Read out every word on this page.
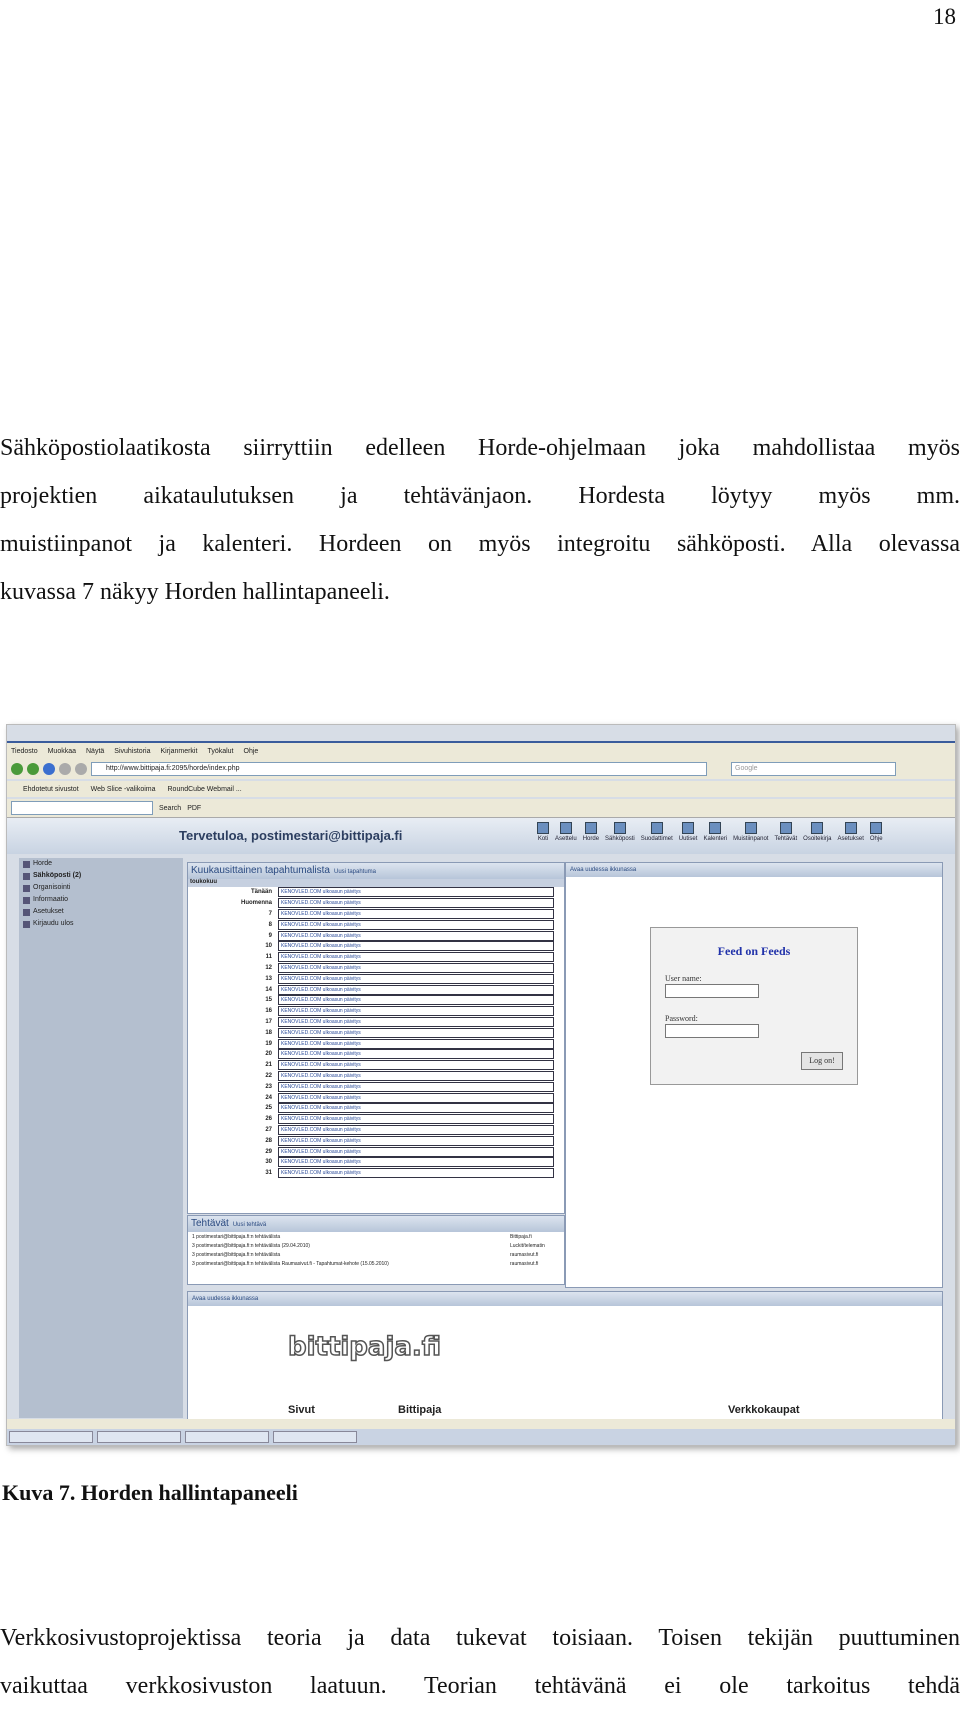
18
Sähköpostiolaatikosta siirryttiin edelleen Horde-ohjelmaan joka mahdollistaa myös
projektien aikataulutuksen ja tehtävänjaon. Hordesta löytyy myös mm.
muistiinpanot ja kalenteri. Hordeen on myös integroitu sähköposti. Alla olevassa
kuvassa 7 näkyy Horden hallintapaneeli.
Tiedosto Muokkaa Näytä Sivuhistoria Kirjanmerkit Työkalut Ohje
http://www.bittipaja.fi:2095/horde/index.php	Google
Ehdotetut sivustot Web Slice -valikoima RoundCube Webmail ...
Search PDF
Tervetuloa, postimestari@bittipaja.fi	Koti Asettelu Horde Sähköposti Suodattimet Uutiset Kalenteri Muistiinpanot Tehtävät Osoitekirja Asetukset Ohje
Horde
Sähköposti (2)
Organisointi
Informaatio
Asetukset
Kirjaudu ulos
Kuukausittainen tapahtumalista Uusi tapahtuma
toukokuu
Tänään	KENOVLED.COM ulkoasun päivitys
Huomenna	KENOVLED.COM ulkoasun päivitys
7	KENOVLED.COM ulkoasun päivitys
8	KENOVLED.COM ulkoasun päivitys
9	KENOVLED.COM ulkoasun päivitys
10	KENOVLED.COM ulkoasun päivitys
11	KENOVLED.COM ulkoasun päivitys
12	KENOVLED.COM ulkoasun päivitys
13	KENOVLED.COM ulkoasun päivitys
14	KENOVLED.COM ulkoasun päivitys
15	KENOVLED.COM ulkoasun päivitys
16	KENOVLED.COM ulkoasun päivitys
17	KENOVLED.COM ulkoasun päivitys
18	KENOVLED.COM ulkoasun päivitys
19	KENOVLED.COM ulkoasun päivitys
20	KENOVLED.COM ulkoasun päivitys
21	KENOVLED.COM ulkoasun päivitys
22	KENOVLED.COM ulkoasun päivitys
23	KENOVLED.COM ulkoasun päivitys
24	KENOVLED.COM ulkoasun päivitys
25	KENOVLED.COM ulkoasun päivitys
26	KENOVLED.COM ulkoasun päivitys
27	KENOVLED.COM ulkoasun päivitys
28	KENOVLED.COM ulkoasun päivitys
29	KENOVLED.COM ulkoasun päivitys
30	KENOVLED.COM ulkoasun päivitys
31	KENOVLED.COM ulkoasun päivitys
Tehtävät Uusi tehtävä
1 postimestari@bittipaja.fi:n tehtävälista	Bittipaja.fi
3 postimestari@bittipaja.fi:n tehtävälista (29.04.2010)	Luckit/telematin
3 postimestari@bittipaja.fi:n tehtävälista	raumasivut.fi
3 postimestari@bittipaja.fi:n tehtävälista Raumasivut.fi - Tapahtumat-kehote (15.05.2010)	raumasivut.fi
Avaa uudessa ikkunassa
Feed on Feeds
User name:
Password:
Log on!
Avaa uudessa ikkunassa
bittipaja.fi
Sivut	Bittipaja	Verkkokaupat
Kuva 7. Horden hallintapaneeli
Verkkosivustoprojektissa teoria ja data tukevat toisiaan. Toisen tekijän puuttuminen
vaikuttaa verkkosivuston laatuun. Teorian tehtävänä ei ole tarkoitus tehdä
